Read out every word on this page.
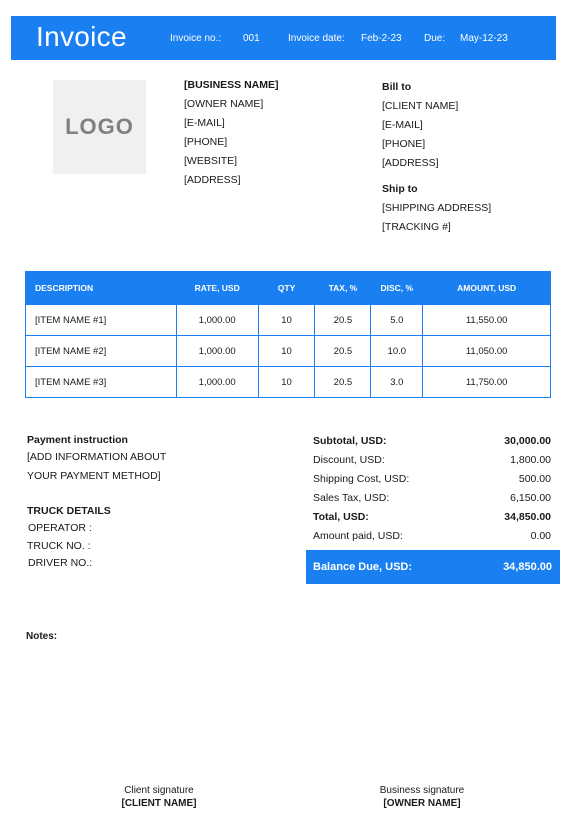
Invoice	Invoice no.: 001	Invoice date: Feb-2-23 Due: May-12-23
LOGO
[BUSINESS NAME]
[OWNER NAME]
[E-MAIL]
[PHONE]
[WEBSITE]
[ADDRESS]
Bill to
[CLIENT NAME]
[E-MAIL]
[PHONE]
[ADDRESS]
Ship to
[SHIPPING ADDRESS]
[TRACKING #]
DESCRIPTION	RATE, USD	QTY	TAX, %	DISC, %	AMOUNT, USD
[ITEM NAME #1]	1,000.00	10	20.5	5.0	11,550.00
[ITEM NAME #2]	1,000.00	10	20.5	10.0	11,050.00
[ITEM NAME #3]	1,000.00	10	20.5	3.0	11,750.00
Payment instruction
[ADD INFORMATION ABOUT
YOUR PAYMENT METHOD]
TRUCK DETAILS
OPERATOR :
TRUCK NO. :
DRIVER NO.:
Subtotal, USD:	30,000.00
Discount, USD:	1,800.00
Shipping Cost, USD:	500.00
Sales Tax, USD:	6,150.00
Total, USD:	34,850.00
Amount paid, USD:	0.00
Balance Due, USD:	34,850.00
Notes:
Client signature
[CLIENT NAME]
Business signature
[OWNER NAME]
